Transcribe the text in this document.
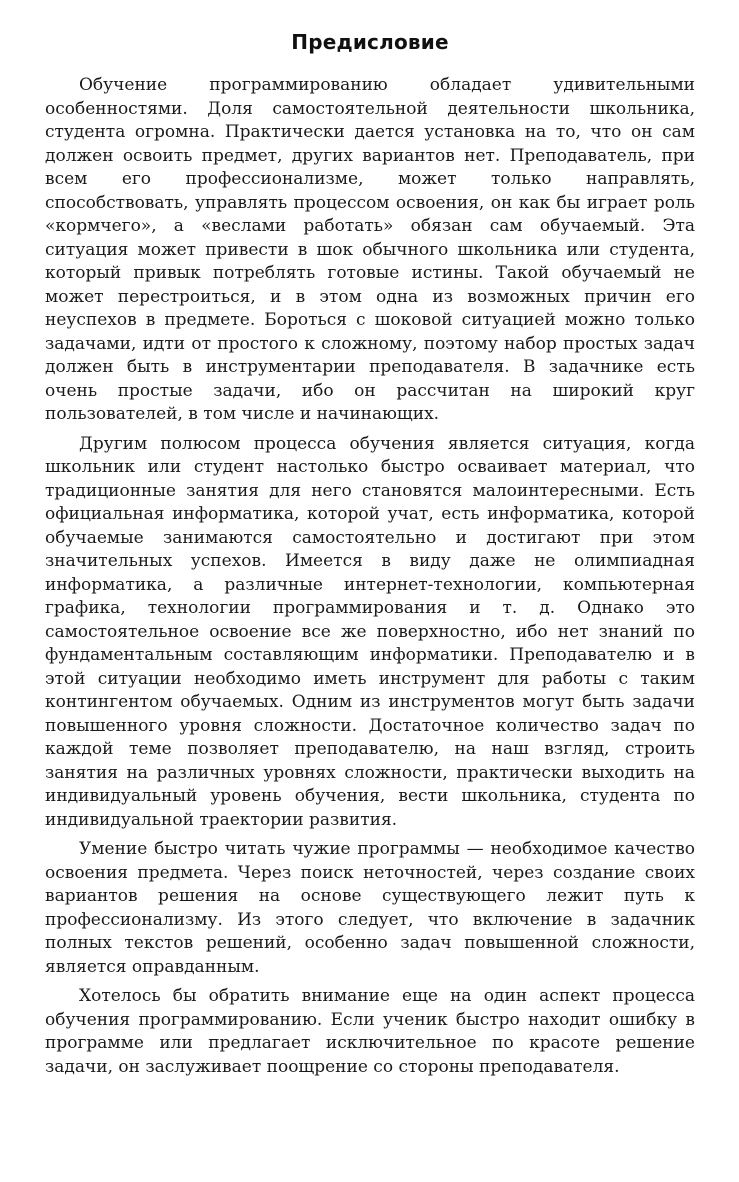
Предисловие

Обучение программированию обладает удивительными особенностями. Доля самостоятельной деятельности школьника, студента огромна. Практически дается установка на то, что он сам должен освоить предмет, других вариантов нет. Преподаватель, при всем его профессионализме, может только направлять, способствовать, управлять процессом освоения, он как бы играет роль «кормчего», а «веслами работать» обязан сам обучаемый. Эта ситуация может привести в шок обычного школьника или студента, который привык потреблять готовые истины. Такой обучаемый не может перестроиться, и в этом одна из возможных причин его неуспехов в предмете. Бороться с шоковой ситуацией можно только задачами, идти от простого к сложному, поэтому набор простых задач должен быть в инструментарии преподавателя. В задачнике есть очень простые задачи, ибо он рассчитан на широкий круг пользователей, в том числе и начинающих.

Другим полюсом процесса обучения является ситуация, когда школьник или студент настолько быстро осваивает материал, что традиционные занятия для него становятся малоинтересными. Есть официальная информатика, которой учат, есть информатика, которой обучаемые занимаются самостоятельно и достигают при этом значительных успехов. Имеется в виду даже не олимпиадная информатика, а различные интернет-технологии, компьютерная графика, технологии программирования и т. д. Однако это самостоятельное освоение все же поверхностно, ибо нет знаний по фундаментальным составляющим информатики. Преподавателю и в этой ситуации необходимо иметь инструмент для работы с таким контингентом обучаемых. Одним из инструментов могут быть задачи повышенного уровня сложности. Достаточное количество задач по каждой теме позволяет преподавателю, на наш взгляд, строить занятия на различных уровнях сложности, практически выходить на индивидуальный уровень обучения, вести школьника, студента по индивидуальной траектории развития.

Умение быстро читать чужие программы — необходимое качество освоения предмета. Через поиск неточностей, через создание своих вариантов решения на основе существующего лежит путь к профессионализму. Из этого следует, что включение в задачник полных текстов решений, особенно задач повышенной сложности, является оправданным.

Хотелось бы обратить внимание еще на один аспект процесса обучения программированию. Если ученик быстро находит ошибку в программе или предлагает исключительное по красоте решение задачи, он заслуживает поощрение со стороны преподавателя.
